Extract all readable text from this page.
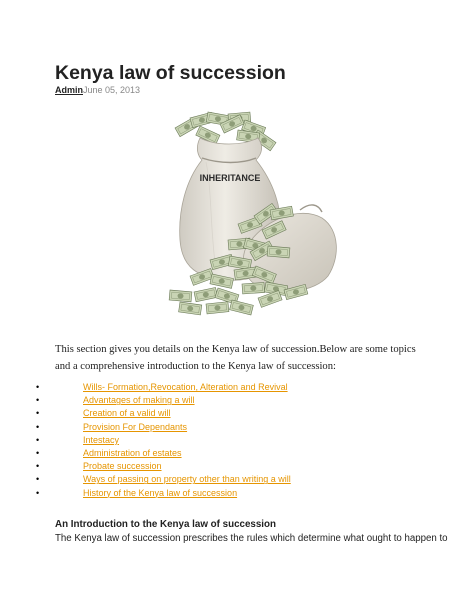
Kenya law of succession
AdminJune 05, 2013
INHERITANCE

This section gives you details on the Kenya law of succession.Below are some topics and a comprehensive introduction to the Kenya law of succession:

•	Wills- Formation,Revocation, Alteration and Revival
•	Advantages of making a will
•	Creation of a valid will
•	Provision For Dependants
•	Intestacy
•	Administration of estates
•	Probate succession
•	Ways of passing on property other than writing a will
•	History of the Kenya law of succession
An Introduction to the Kenya law of succession

The Kenya law of succession prescribes the rules which determine what ought to happen to
